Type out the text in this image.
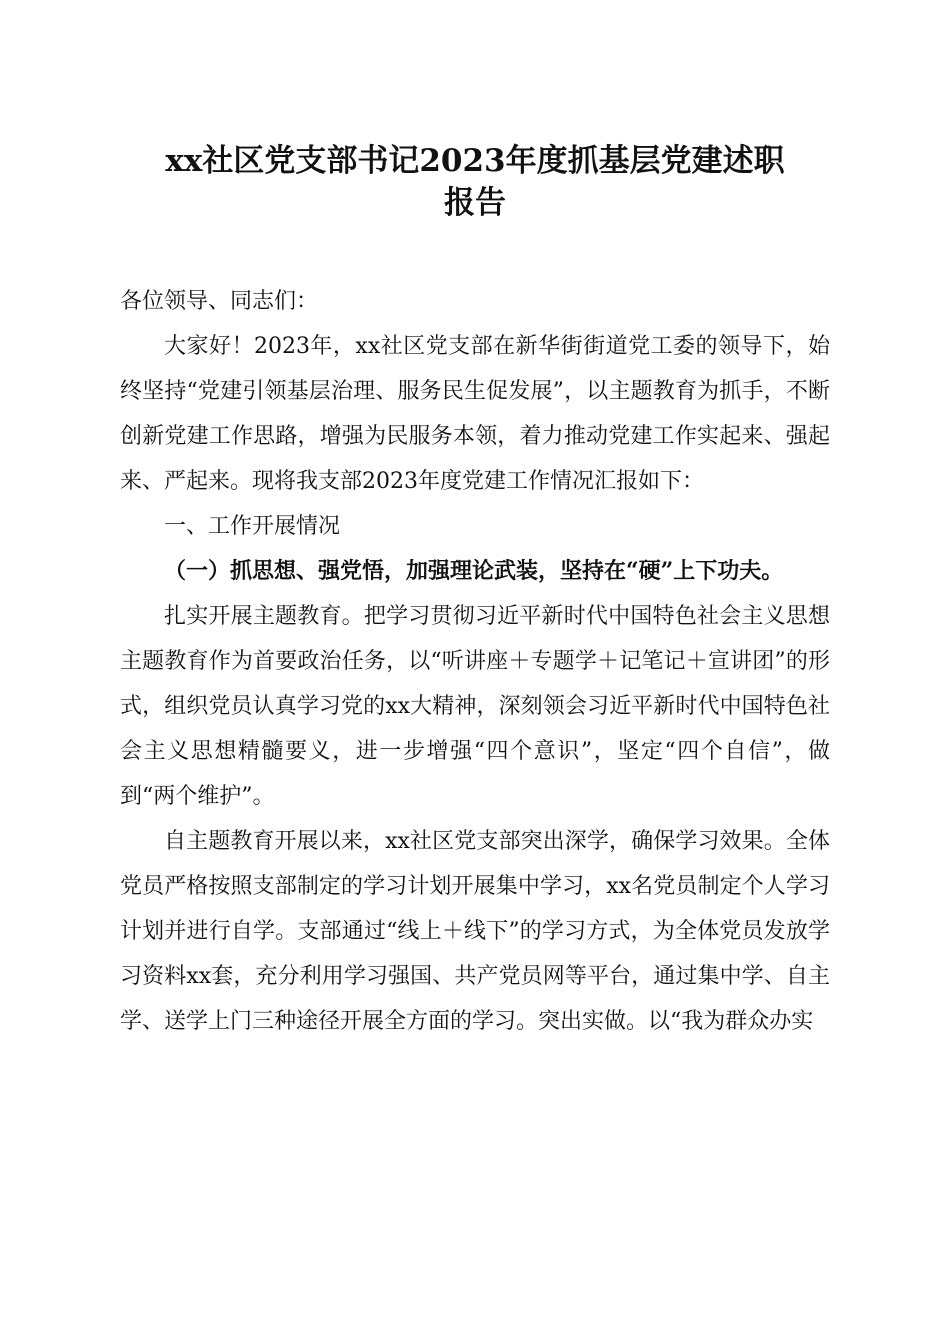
xx社区党支部书记2023年度抓基层党建述职
报告
各位领导、同志们：

大家好！2023年，xx社区党支部在新华街街道党工委的领导下，始终坚持“党建引领基层治理、服务民生促发展”，以主题教育为抓手，不断创新党建工作思路，增强为民服务本领，着力推动党建工作实起来、强起来、严起来。现将我支部2023年度党建工作情况汇报如下：

一、工作开展情况

（一）抓思想、强党悟，加强理论武装，坚持在“硬”上下功夫。

扎实开展主题教育。把学习贯彻习近平新时代中国特色社会主义思想主题教育作为首要政治任务，以“听讲座＋专题学＋记笔记＋宣讲团”的形式，组织党员认真学习党的xx大精神，深刻领会习近平新时代中国特色社会主义思想精髓要义，进一步增强“四个意识”，坚定“四个自信”，做到“两个维护”。

自主题教育开展以来，xx社区党支部突出深学，确保学习效果。全体党员严格按照支部制定的学习计划开展集中学习，xx名党员制定个人学习计划并进行自学。支部通过“线上＋线下”的学习方式，为全体党员发放学习资料xx套，充分利用学习强国、共产党员网等平台，通过集中学、自主学、送学上门三种途径开展全方面的学习。突出实做。以“我为群众办实
